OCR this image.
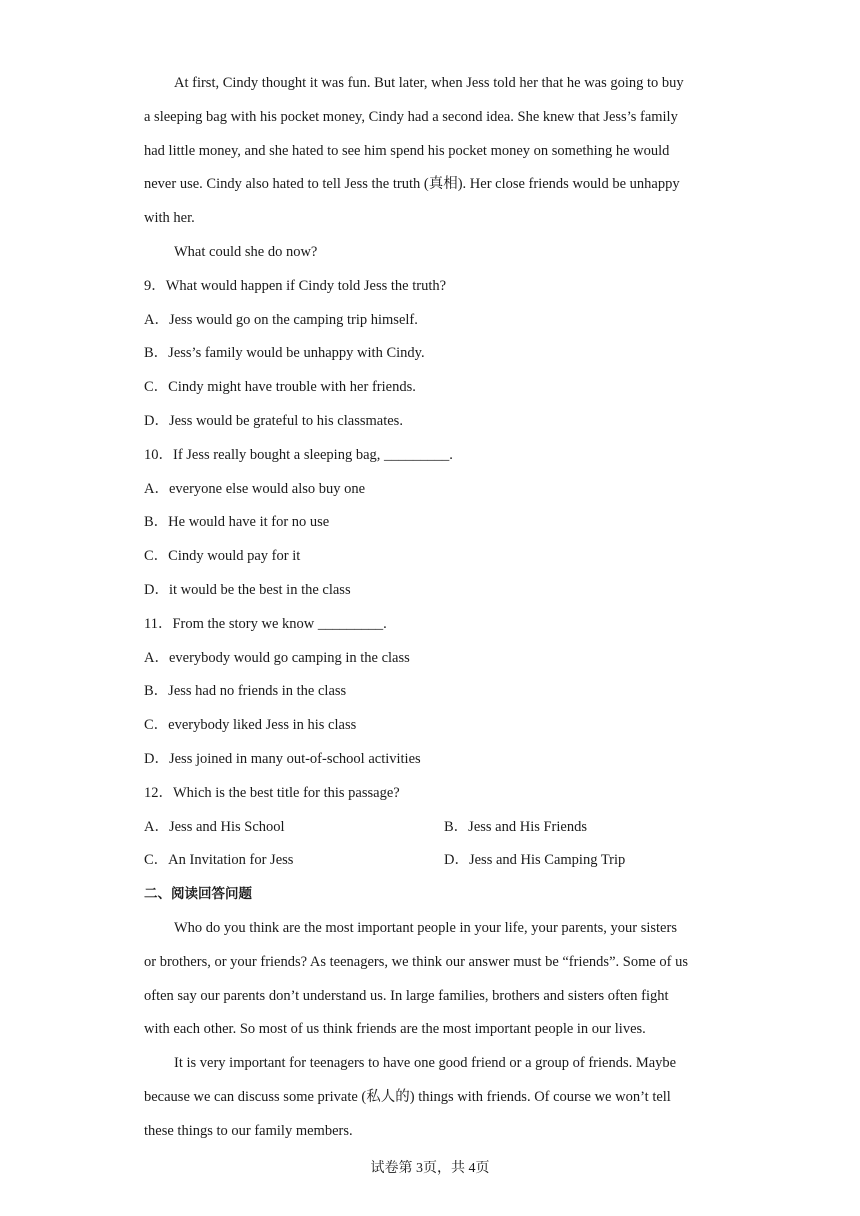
At first, Cindy thought it was fun. But later, when Jess told her that he was going to buy
a sleeping bag with his pocket money, Cindy had a second idea. She knew that Jess’s family
had little money, and she hated to see him spend his pocket money on something he would
never use. Cindy also hated to tell Jess the truth (真相). Her close friends would be unhappy
with her.
What could she do now?
9．What would happen if Cindy told Jess the truth?
A．Jess would go on the camping trip himself.
B．Jess’s family would be unhappy with Cindy.
C．Cindy might have trouble with her friends.
D．Jess would be grateful to his classmates.
10．If Jess really bought a sleeping bag, _________.
A．everyone else would also buy one
B．He would have it for no use
C．Cindy would pay for it
D．it would be the best in the class
11．From the story we know _________.
A．everybody would go camping in the class
B．Jess had no friends in the class
C．everybody liked Jess in his class
D．Jess joined in many out-of-school activities
12．Which is the best title for this passage?
A．Jess and His School	B．Jess and His Friends
C．An Invitation for Jess	D．Jess and His Camping Trip
二、阅读回答问题
Who do you think are the most important people in your life, your parents, your sisters
or brothers, or your friends? As teenagers, we think our answer must be “friends”. Some of us
often say our parents don’t understand us. In large families, brothers and sisters often fight
with each other. So most of us think friends are the most important people in our lives.
It is very important for teenagers to have one good friend or a group of friends. Maybe
because we can discuss some private (私人的) things with friends. Of course we won’t tell
these things to our family members.
试卷第 3页，共 4页
